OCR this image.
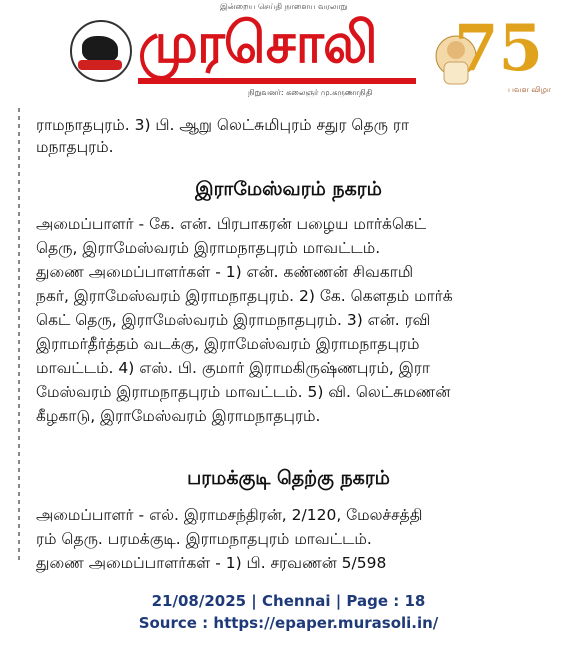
இன்றைய செய்தி நாளைய வரலாறு
முரசொலி
நிறுவனர்: கலைஞர் மு.கருணாநிதி
75
பவள விழா
ராமநாதபுரம். 3) பி. ஆறு லெட்சுமிபுரம் சதுர தெரு ரா
மநாதபுரம்.
இராமேஸ்வரம் நகரம்
அமைப்பாளர் - கே. என். பிரபாகரன் பழைய மார்க்கெட்
தெரு, இராமேஸ்வரம் இராமநாதபுரம் மாவட்டம்.
துணை அமைப்பாளர்கள் - 1) என். கண்ணன் சிவகாமி
நகர், இராமேஸ்வரம் இராமநாதபுரம். 2) கே. கௌதம் மார்க்
கெட் தெரு, இராமேஸ்வரம் இராமநாதபுரம். 3) என். ரவி
இராமர்தீர்த்தம் வடக்கு, இராமேஸ்வரம் இராமநாதபுரம்
மாவட்டம். 4) எஸ். பி. குமார் இராமகிருஷ்ணபுரம், இரா
மேஸ்வரம் இராமநாதபுரம் மாவட்டம். 5) வி. லெட்சுமணன்
கீழகாடு, இராமேஸ்வரம் இராமநாதபுரம்.
பரமக்குடி தெற்கு நகரம்
அமைப்பாளர் - எல். இராமசந்திரன், 2/120, மேலச்சத்தி
ரம் தெரு. பரமக்குடி. இராமநாதபுரம் மாவட்டம்.
துணை அமைப்பாளர்கள் - 1) பி. சரவணன் 5/598
21/08/2025 | Chennai | Page : 18
Source : https://epaper.murasoli.in/
